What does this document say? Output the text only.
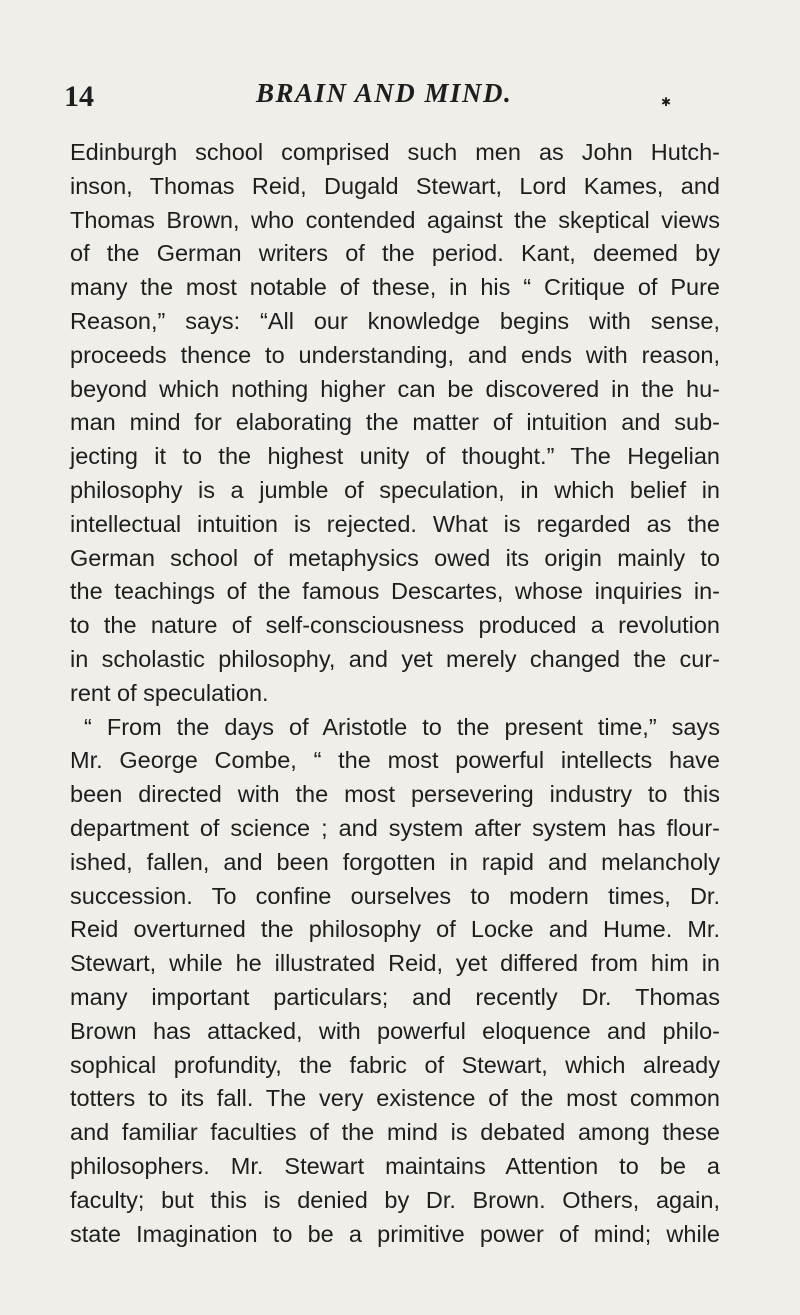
14	BRAIN AND MIND.	✱
Edinburgh school comprised such men as John Hutch-
inson, Thomas Reid, Dugald Stewart, Lord Kames, and
Thomas Brown, who contended against the skeptical views
of the German writers of the period. Kant, deemed by
many the most notable of these, in his “ Critique of Pure
Reason,” says: “All our knowledge begins with sense,
proceeds thence to understanding, and ends with reason,
beyond which nothing higher can be discovered in the hu-
man mind for elaborating the matter of intuition and sub-
jecting it to the highest unity of thought.” The Hegelian
philosophy is a jumble of speculation, in which belief in
intellectual intuition is rejected. What is regarded as the
German school of metaphysics owed its origin mainly to
the teachings of the famous Descartes, whose inquiries in-
to the nature of self-consciousness produced a revolution
in scholastic philosophy, and yet merely changed the cur-
rent of speculation.
“ From the days of Aristotle to the present time,” says
Mr. George Combe, “ the most powerful intellects have
been directed with the most persevering industry to this
department of science ; and system after system has flour-
ished, fallen, and been forgotten in rapid and melancholy
succession. To confine ourselves to modern times, Dr.
Reid overturned the philosophy of Locke and Hume. Mr.
Stewart, while he illustrated Reid, yet differed from him in
many important particulars; and recently Dr. Thomas
Brown has attacked, with powerful eloquence and philo-
sophical profundity, the fabric of Stewart, which already
totters to its fall. The very existence of the most common
and familiar faculties of the mind is debated among these
philosophers. Mr. Stewart maintains Attention to be a
faculty; but this is denied by Dr. Brown. Others, again,
state Imagination to be a primitive power of mind; while
